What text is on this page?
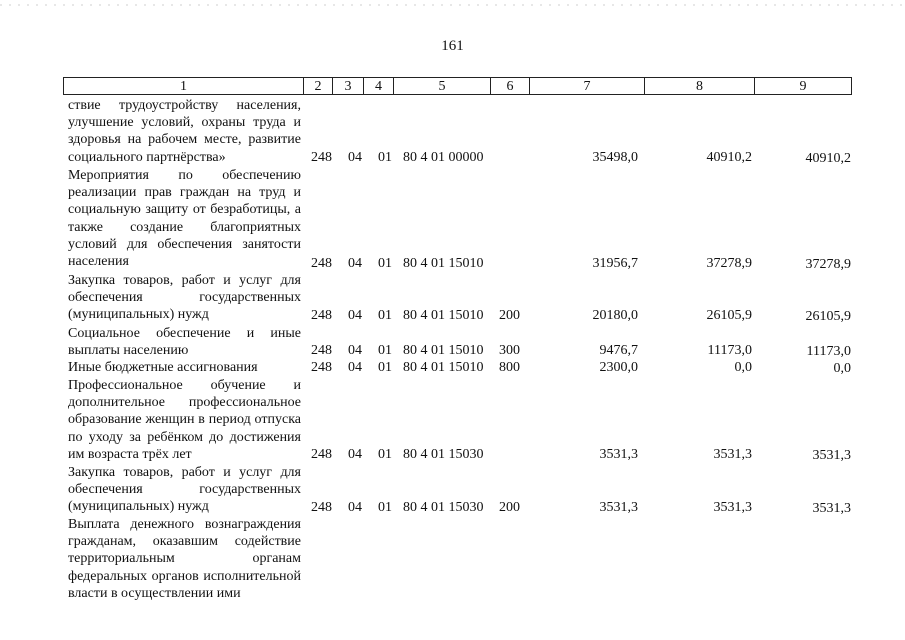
161
1	2	3	4	5	6	7	8	9
ствие трудоустройству населения, улучшение условий, охраны труда и здоровья на рабочем месте, развитие социального партнёрства»	248 04 01 80 4 01 00000	35498,0	40910,2	40910,2
Мероприятия по обеспечению реализации прав граждан на труд и социальную защиту от безработицы, а также создание благоприятных условий для обеспечения занятости населения	248 04 01 80 4 01 15010	31956,7	37278,9	37278,9
Закупка товаров, работ и услуг для обеспечения государственных (муниципальных) нужд	248 04 01 80 4 01 15010 200	20180,0	26105,9	26105,9
Социальное обеспечение и иные выплаты населению	248 04 01 80 4 01 15010 300	9476,7	11173,0	11173,0
Иные бюджетные ассигнования	248 04 01 80 4 01 15010 800	2300,0	0,0	0,0
Профессиональное обучение и дополнительное профессиональное образование женщин в период отпуска по уходу за ребёнком до достижения им возраста трёх лет	248 04 01 80 4 01 15030	3531,3	3531,3	3531,3
Закупка товаров, работ и услуг для обеспечения государственных (муниципальных) нужд	248 04 01 80 4 01 15030 200	3531,3	3531,3	3531,3
Выплата денежного вознаграждения гражданам, оказавшим содействие территориальным органам федеральных органов исполнительной власти в осуществлении ими
